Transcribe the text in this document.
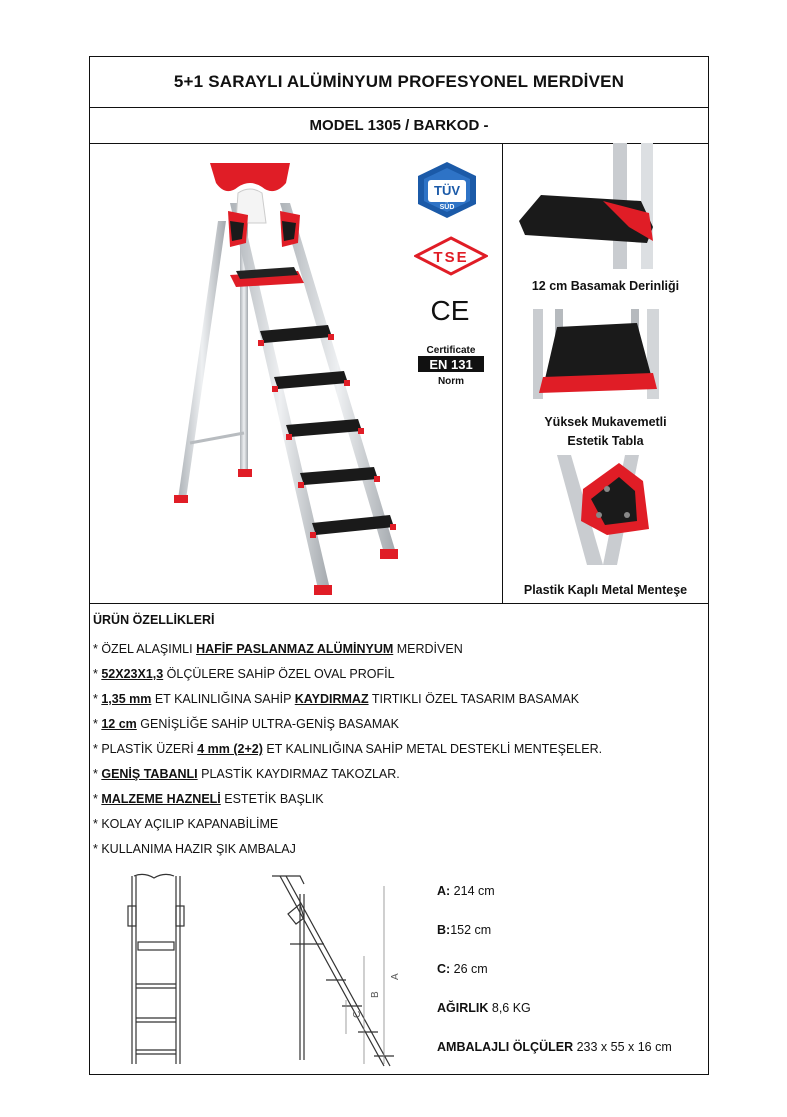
5+1 SARAYLI ALÜMİNYUM PROFESYONEL MERDİVEN
MODEL 1305 / BARKOD -
TÜV
SÜD
TSE
CE
Certificate
EN 131
Norm
12 cm Basamak Derinliği
Yüksek Mukavemetli Estetik Tabla
Plastik Kaplı Metal Menteşe
ÜRÜN ÖZELLİKLERİ
* ÖZEL ALAŞIMLI HAFİF PASLANMAZ ALÜMİNYUM MERDİVEN
* 52X23X1,3 ÖLÇÜLERE SAHİP ÖZEL OVAL PROFİL
* 1,35 mm ET KALINLIĞINA SAHİP KAYDIRMAZ TIRTIKLI ÖZEL TASARIM BASAMAK
* 12 cm GENİŞLİĞE SAHİP ULTRA-GENİŞ BASAMAK
* PLASTİK ÜZERİ 4 mm (2+2) ET KALINLIĞINA SAHİP METAL DESTEKLİ MENTEŞELER.
* GENİŞ TABANLI PLASTİK KAYDIRMAZ TAKOZLAR.
* MALZEME HAZNELİ ESTETİK BAŞLIK
* KOLAY AÇILIP KAPANABİLİME
* KULLANIMA HAZIR ŞIK AMBALAJ
A
B
C
A: 214 cm
B:152 cm
C: 26 cm
AĞIRLIK 8,6 KG
AMBALAJLI ÖLÇÜLER 233 x 55 x 16 cm
